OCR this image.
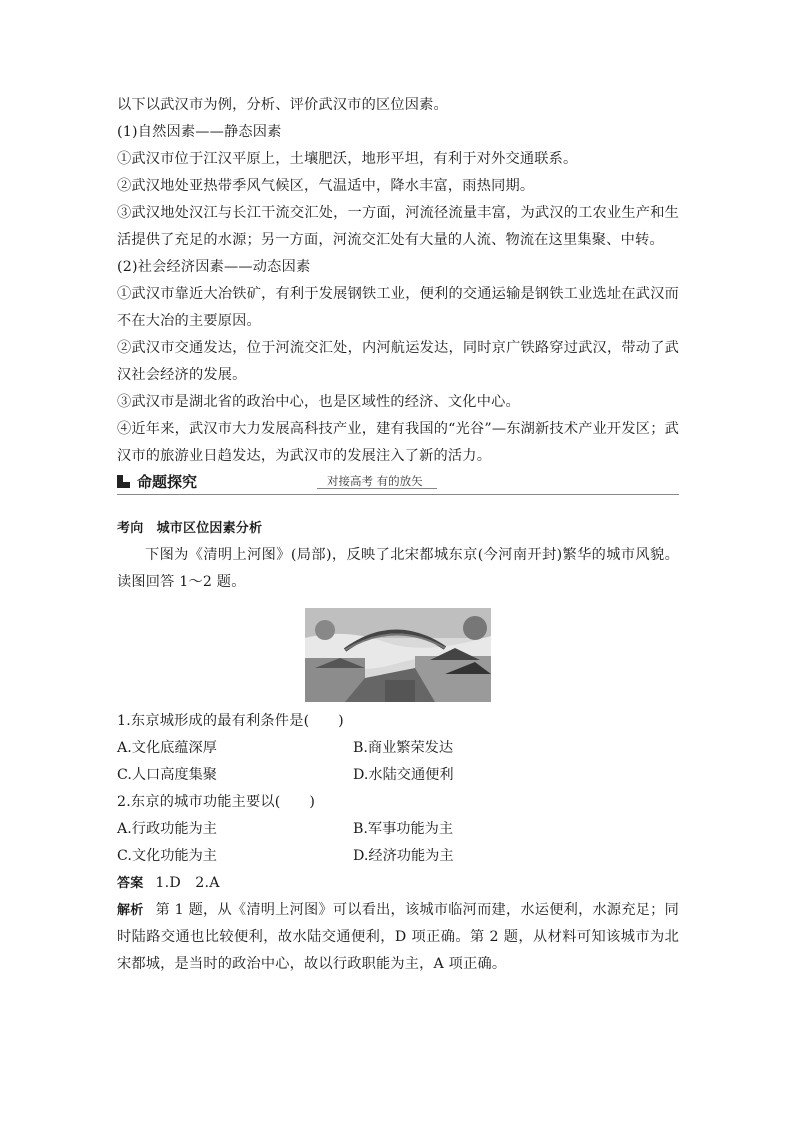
以下以武汉市为例，分析、评价武汉市的区位因素。

(1)自然因素——静态因素

①武汉市位于江汉平原上，土壤肥沃，地形平坦，有利于对外交通联系。

②武汉地处亚热带季风气候区，气温适中，降水丰富，雨热同期。

③武汉地处汉江与长江干流交汇处，一方面，河流径流量丰富，为武汉的工农业生产和生活提供了充足的水源；另一方面，河流交汇处有大量的人流、物流在这里集聚、中转。

(2)社会经济因素——动态因素

①武汉市靠近大冶铁矿，有利于发展钢铁工业，便利的交通运输是钢铁工业选址在武汉而不在大冶的主要原因。

②武汉市交通发达，位于河流交汇处，内河航运发达，同时京广铁路穿过武汉，带动了武汉社会经济的发展。

③武汉市是湖北省的政治中心，也是区域性的经济、文化中心。

④近年来，武汉市大力发展高科技产业，建有我国的“光谷”—东湖新技术产业开发区；武汉市的旅游业日趋发达，为武汉市的发展注入了新的活力。

命题探究	对接高考 有的放矢

考向　城市区位因素分析

下图为《清明上河图》(局部)，反映了北宋都城东京(今河南开封)繁华的城市风貌。读图回答 1～2 题。

1.东京城形成的最有利条件是(　　)

A.文化底蕴深厚	B.商业繁荣发达
C.人口高度集聚	D.水陆交通便利

2.东京的城市功能主要以(　　)

A.行政功能为主	B.军事功能为主
C.文化功能为主	D.经济功能为主

答案 1.D　2.A

解析 第 1 题，从《清明上河图》可以看出，该城市临河而建，水运便利，水源充足；同时陆路交通也比较便利，故水陆交通便利，D 项正确。第 2 题，从材料可知该城市为北宋都城，是当时的政治中心，故以行政职能为主，A 项正确。
